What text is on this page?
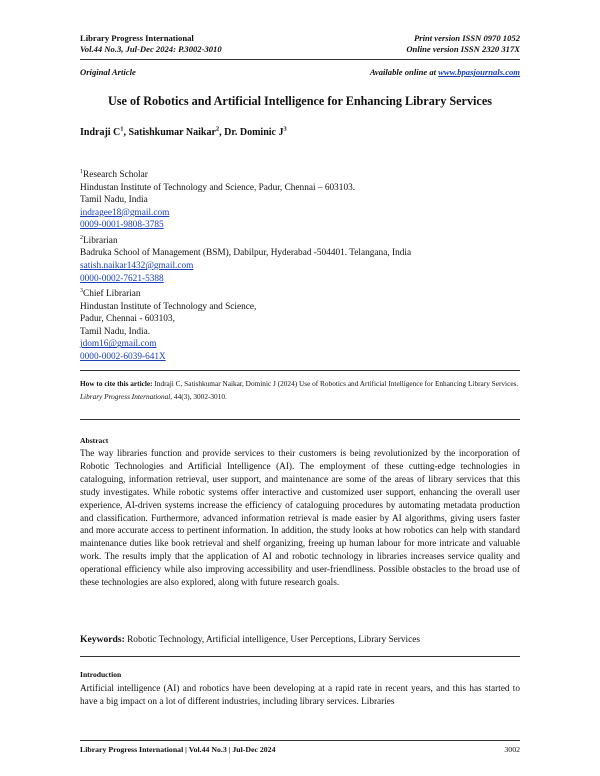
Library Progress International	Print version ISSN 0970 1052
Vol.44 No.3, Jul-Dec 2024: P.3002-3010	Online version ISSN 2320 317X
Original Article	Available online at www.bpasjournals.com
Use of Robotics and Artificial Intelligence for Enhancing Library Services
Indraji $C^1$, Satishkumar Naikar$^2$, Dr. Dominic $J^3$
$^1$Research Scholar
Hindustan Institute of Technology and Science, Padur, Chennai – 603103.
Tamil Nadu, India
indragee18@gmail.com
0009-0001-9808-3785
$^2$Librarian
Badruka School of Management (BSM), Dabilpur, Hyderabad -504401. Telangana, India
satish.naikar1432@gmail.com
0000-0002-7621-5388
$^3$Chief Librarian
Hindustan Institute of Technology and Science,
Padur, Chennai - 603103,
Tamil Nadu, India.
jdom16@gmail.com
0000-0002-6039-641X
How to cite this article: Indraji C, Satishkumar Naikar, Dominic J (2024) Use of Robotics and Artificial Intelligence for Enhancing Library Services. Library Progress International, 44(3), 3002-3010.
Abstract
The way libraries function and provide services to their customers is being revolutionized by the incorporation of Robotic Technologies and Artificial Intelligence (AI). The employment of these cutting-edge technologies in cataloguing, information retrieval, user support, and maintenance are some of the areas of library services that this study investigates. While robotic systems offer interactive and customized user support, enhancing the overall user experience, AI-driven systems increase the efficiency of cataloguing procedures by automating metadata production and classification. Furthermore, advanced information retrieval is made easier by AI algorithms, giving users faster and more accurate access to pertinent information. In addition, the study looks at how robotics can help with standard maintenance duties like book retrieval and shelf organizing, freeing up human labour for more intricate and valuable work. The results imply that the application of AI and robotic technology in libraries increases service quality and operational efficiency while also improving accessibility and user-friendliness. Possible obstacles to the broad use of these technologies are also explored, along with future research goals.
Keywords: Robotic Technology, Artificial intelligence, User Perceptions, Library Services
Introduction
Artificial intelligence (AI) and robotics have been developing at a rapid rate in recent years, and this has started to have a big impact on a lot of different industries, including library services. Libraries
Library Progress International | Vol.44 No.3 | Jul-Dec 2024	3002
